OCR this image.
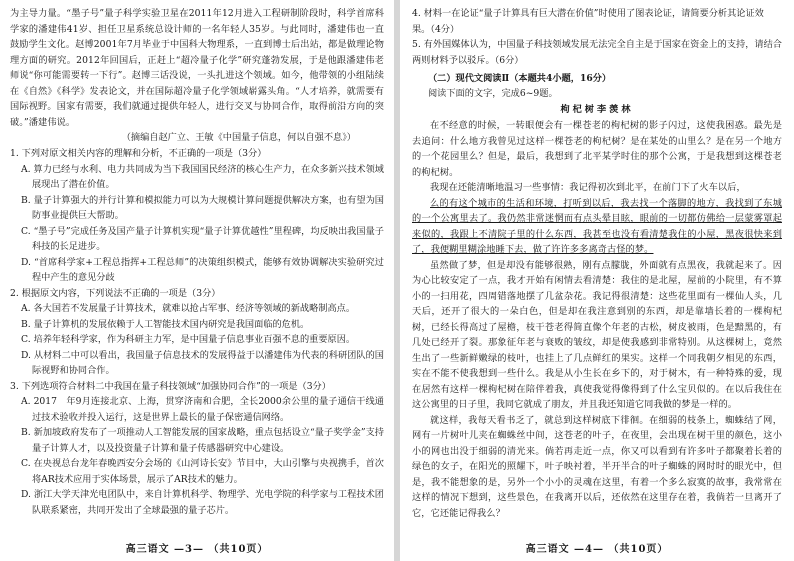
为主导力量。“墨子号”量子科学实验卫星在2011年12月进入工程研制阶段时，科学首席科学家的潘建伟41岁、担任卫星系统总设计师的一名年轻人35岁。与此同时，潘建伟也一直鼓励学生文化。赵博2001年7月毕业于中国科大物理系，一直到博士后出站，都是做理论物理方面的研究。2012年回国后，正赶上“超冷量子化学”研究蓬勃发展，于是他跟潘建伟老师说“你可能需要转一下行”。赵博三话没说，一头扎进这个领域。如今，他带领的小组陆续在《自然》《科学》发表论文，并在国际超冷量子化学领域崭露头角。“人才培养，就需要有国际视野。国家有需要，我们就通过提供年轻人，进行交叉与协同合作，取得前沿方向的突破。”潘建伟说。

（摘编自赵广立、王敏《中国量子信息，何以自强不息》）

1. 下列对原文相关内容的理解和分析，不正确的一项是（3分）

A. 算力已经与水利、电力共同成为当下我国国民经济的核心生产力，在众多新兴技术领域展现出了潜在价值。

B. 量子计算强大的并行计算和模拟能力可以为大规模计算问题提供解决方案，也有望为国防事业提供巨大帮助。

C. “墨子号”完成任务及国产量子计算机实现“量子计算优越性”里程碑，均反映出我国量子科技的长足进步。

D. “首席科学家+工程总指挥+工程总师”的决策组织模式，能够有效协调解决实验研究过程中产生的意见分歧

2. 根据原文内容，下列说法不正确的一项是（3分）

A. 各大国若不发展量子计算技术，就难以抢占军事、经济等领域的新战略制高点。

B. 量子计算机的发展依赖于人工智能技术国内研究是我国面临的危机。

C. 培养年轻科学家，作为科研主力军，是中国量子信息事业百强不息的重要原因。

D. 从材料二中可以看出，我国量子信息技术的发展得益于以潘建伟为代表的科研团队的国际视野和协同合作。

3. 下列选项符合材料二中我国在量子科技领域“加强协同合作”的一项是（3分）

A. 2017　年9月连接北京、上海，贯穿济南和合肥，全长2000余公里的量子通信干线通过技术验收并投入运行，这是世界上最长的量子保密通信网络。

B. 新加坡政府发布了一项推动人工智能发展的国家战略，重点包括设立“量子奖学金”支持量子计算人才，以及投资量子计算和量子传感器研究中心建设。

C. 在央视总台龙年春晚西安分会场的《山河诗长安》节目中，大山引擎与央视携手，首次将AR技术应用于实体场景，展示了AR技术的魅力。

D. 浙江大学天津光电团队中，来自计算机科学、物理学、光电学院的科学家与工程技术团队联系紧密，共同开发出了全球最强的量子芯片。

高三语文 —3— （共10页）

4. 材料一在论证“量子计算具有巨大潜在价值”时使用了图表论证，请简要分析其论证效果。（4分）

5. 有外国媒体认为，中国量子科技领域发展无法完全自主是于国家在资金上的支持，请结合两则材料予以驳斥。（6分）

（二）现代文阅读Ⅱ（本题共4小题，16分）

阅读下面的文字，完成6~9题。

枸杞树李羡林

在不经意的时候，一转眼便会有一棵苍老的枸杞树的影子闪过，这使我困惑。最先是去追问：什么地方我曾见过这样一棵苍老的枸杞树？是在某处的山里么？是在另一个地方的一个花园里么？但是，最后，我想到了北平某学时住的那个公寓，于是我想到这棵苍老的枸杞树。

我现在还能清晰地温习一些事情：我记得初次到北平，在前门下了火车以后，

么的有这个城市的生活和环境，打听到以后，我去找一个落脚的地方，我找到了东城的一个公寓里去了。我仍然非常迷惘而有点头晕目眩，眼前的一切都仿佛给一层蒙雾罩起来似的，我跟上不清院子里的什么东西，我甚至也没有看清楚我住的小屋，黑夜很快来到了，我便糊里糊涂地睡下去，做了许许多多离奇古怪的梦。

虽然做了梦，但是却没有能够很熟，刚有点朦胧，外面就有点黑夜，我就起来了。因为心比较安定了一点，我才开始有闲情去看清楚：我住的是北屋，屋前的小院里，有不算小的一扫用花，四周错落地摆了几盆杂花。我记得很清楚：这些花里面有一棵仙人头，几天后，还开了很大的一朵白色，但是却在我注意到别的东西，却是靠墙长着的一棵枸杞树，已经长得高过了屋檐，枝干苍老得简直像个年老的古松，树皮被雨，色是黯黑的，有几处已经开了裂。那象征年老与衰败的皱纹，却是使我感到非常特别。从这棵树上，竟然生出了一些新鲜嫩绿的枝叶，也挂上了几点鲜红的果实。这样一个同我朝夕相见的东西，实在不能不使我想到一些什么。我是从小生长在乡下的，对于树木，有一种特殊的爱，现在居然有这样一棵枸杞树在陪伴着我，真使我觉得像得到了什么宝贝似的。在以后我住在这公寓里的日子里，我同它就成了朋友，并且我还知道它同我做的梦是一样的。

就这样，我每天看书乏了，就总到这样树底下徘徊。在细弱的枝条上，蜘蛛结了网，网有一片树叶儿夹在蜘蛛丝中间，这苍老的叶子，在夜里，会出现在树干里的颜色，这小小的网也出没于细弱的清光来。倘若再走近一点，你又可以看到有许多叶子都聚着长着的绿色的女子，在阳光的照耀下，叶子映衬着，半开半合的叶子蜘蛛的网时时的眼光中，但是，我不能想象的是，另外一个小小的灵魂在这里，有着一个多么寂寞的故事，我常常在这样的情况下想到，这些景色，在我离开以后，还依然在这里存在着，我倘若一旦离开了它，它还能记得我么？

高三语文 —4— （共10页）
